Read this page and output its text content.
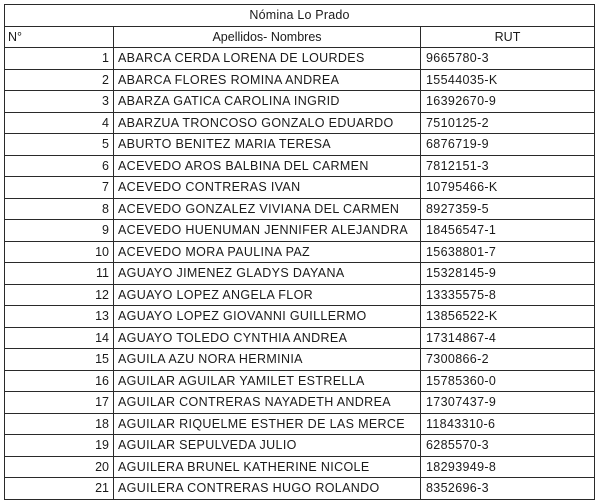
Nómina Lo Prado		
N°	Apellidos- Nombres	RUT
1	ABARCA CERDA LORENA DE LOURDES	9665780-3
2	ABARCA FLORES ROMINA ANDREA	15544035-K
3	ABARZA GATICA CAROLINA INGRID	16392670-9
4	ABARZUA TRONCOSO GONZALO EDUARDO	7510125-2
5	ABURTO BENITEZ MARIA TERESA	6876719-9
6	ACEVEDO AROS BALBINA DEL CARMEN	7812151-3
7	ACEVEDO CONTRERAS IVAN	10795466-K
8	ACEVEDO GONZALEZ VIVIANA DEL CARMEN	8927359-5
9	ACEVEDO HUENUMAN JENNIFER ALEJANDRA	18456547-1
10	ACEVEDO MORA PAULINA PAZ	15638801-7
11	AGUAYO JIMENEZ GLADYS DAYANA	15328145-9
12	AGUAYO LOPEZ ANGELA FLOR	13335575-8
13	AGUAYO LOPEZ GIOVANNI GUILLERMO	13856522-K
14	AGUAYO TOLEDO CYNTHIA ANDREA	17314867-4
15	AGUILA AZU NORA HERMINIA	7300866-2
16	AGUILAR AGUILAR YAMILET ESTRELLA	15785360-0
17	AGUILAR CONTRERAS NAYADETH ANDREA	17307437-9
18	AGUILAR RIQUELME ESTHER DE LAS MERCE	11843310-6
19	AGUILAR SEPULVEDA JULIO	6285570-3
20	AGUILERA BRUNEL KATHERINE NICOLE	18293949-8
21	AGUILERA CONTRERAS HUGO ROLANDO	8352696-3
